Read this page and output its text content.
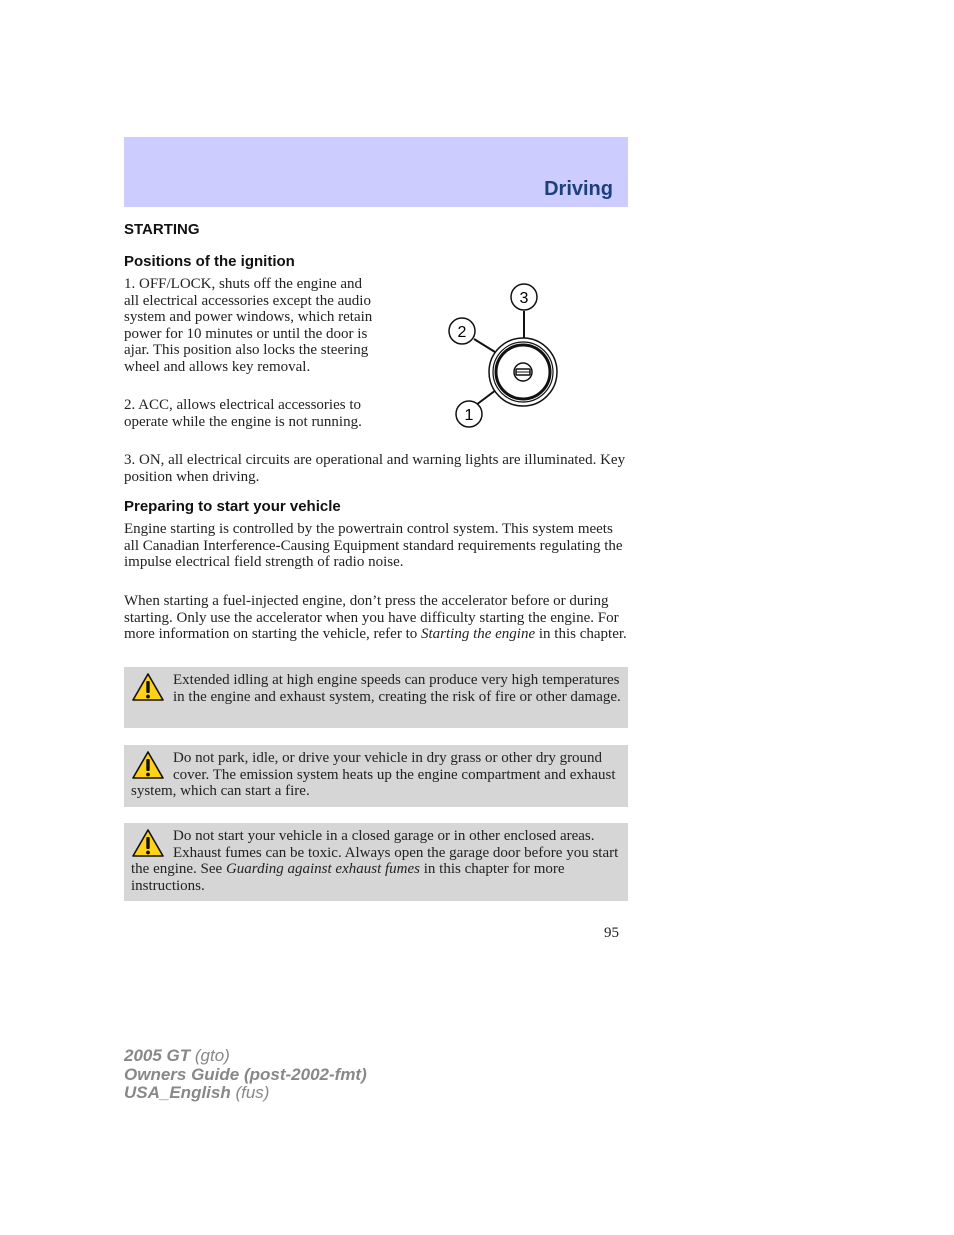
Driving
STARTING
Positions of the ignition

1. OFF/LOCK, shuts off the engine and all electrical accessories except the audio system and power windows, which retain power for 10 minutes or until the door is ajar. This position also locks the steering wheel and allows key removal.

2. ACC, allows electrical accessories to operate while the engine is not running.

3. ON, all electrical circuits are operational and warning lights are illuminated. Key position when driving.

3
2
1
Preparing to start your vehicle

Engine starting is controlled by the powertrain control system. This system meets all Canadian Interference-Causing Equipment standard requirements regulating the impulse electrical field strength of radio noise.

When starting a fuel-injected engine, don’t press the accelerator before or during starting. Only use the accelerator when you have difficulty starting the engine. For more information on starting the vehicle, refer to Starting the engine in this chapter.

Extended idling at high engine speeds can produce very high temperatures in the engine and exhaust system, creating the risk of fire or other damage.

Do not park, idle, or drive your vehicle in dry grass or other dry ground cover. The emission system heats up the engine compartment and exhaust system, which can start a fire.

Do not start your vehicle in a closed garage or in other enclosed areas. Exhaust fumes can be toxic. Always open the garage door before you start the engine. See Guarding against exhaust fumes in this chapter for more instructions.

95

2005 GT (gto)
Owners Guide (post-2002-fmt)
USA_English (fus)
